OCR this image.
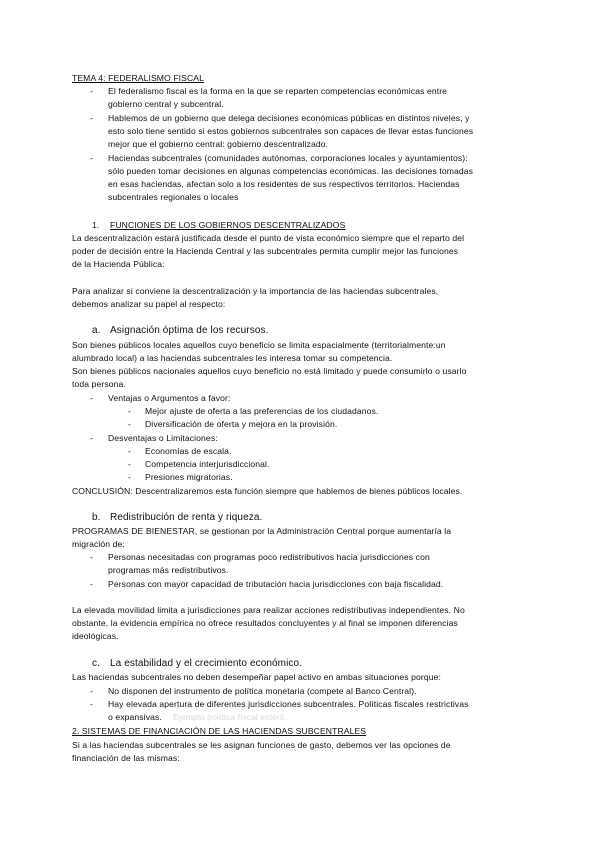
TEMA 4: FEDERALISMO FISCAL
- El federalismo fiscal es la forma en la que se reparten competencias económicas entre
gobierno central y subcentral.
- Hablemos de un gobierno que delega decisiones económicas públicas en distintos niveles, y
esto solo tiene sentido si estos gobiernos subcentrales son capaces de llevar estas funciones
mejor que el gobierno central: gobierno descentralizado.
- Haciendas subcentrales (comunidades autónomas, corporaciones locales y ayuntamientos):
sólo pueden tomar decisiones en algunas competencias económicas. las decisiones tomadas
en esas haciendas, afectan solo a los residentes de sus respectivos territorios. Haciendas
subcentrales regionales o locales
1. FUNCIONES DE LOS GOBIERNOS DESCENTRALIZADOS
La descentralización estará justificada desde el punto de vista económico siempre que el reparto del
poder de decisión entre la Hacienda Central y las subcentrales permita cumplir mejor las funciones
de la Hacienda Pública:
Para analizar si conviene la descentralización y la importancia de las haciendas subcentrales,
debemos analizar su papel al respecto:
a. Asignación óptima de los recursos.
Son bienes públicos locales aquellos cuyo beneficio se limita espacialmente (territorialmente:un
alumbrado local) a las haciendas subcentrales les interesa tomar su competencia.
Son bienes públicos nacionales aquellos cuyo beneficio no está limitado y puede consumirlo o usarlo
toda persona.
- Ventajas o Argumentos a favor:
- Mejor ajuste de oferta a las preferencias de los ciudadanos.
- Diversificación de oferta y mejora en la provisión.
- Desventajas o Limitaciones:
- Economías de escala.
- Competencia interjurisdiccional.
- Presiones migratorias.
CONCLUSIÓN: Descentralizaremos esta función siempre que hablemos de bienes públicos locales.
b. Redistribución de renta y riqueza.
PROGRAMAS DE BIENESTAR, se gestionan por la Administración Central porque aumentaría la
migración de:
- Personas necesitadas con programas poco redistributivos hacia jurisdicciones con
programas más redistributivos.
- Personas con mayor capacidad de tributación hacia jurisdicciones con baja fiscalidad.
La elevada movilidad limita a jurisdicciones para realizar acciones redistributivas independientes. No
obstante, la evidencia empírica no ofrece resultados concluyentes y al final se imponen diferencias
ideológicas.
c. La estabilidad y el crecimiento económico.
Las haciendas subcentrales no deben desempeñar papel activo en ambas situaciones porque:
- No disponen del instrumento de política monetaria (compete al Banco Central).
- Hay elevada apertura de diferentes jurisdicciones subcentrales. Políticas fiscales restrictivas
o expansivas. Ejemplo política fiscal estéril.
2. SISTEMAS DE FINANCIACIÓN DE LAS HACIENDAS SUBCENTRALES
Si a las haciendas subcentrales se les asignan funciones de gasto, debemos ver las opciones de
financiación de las mismas:
